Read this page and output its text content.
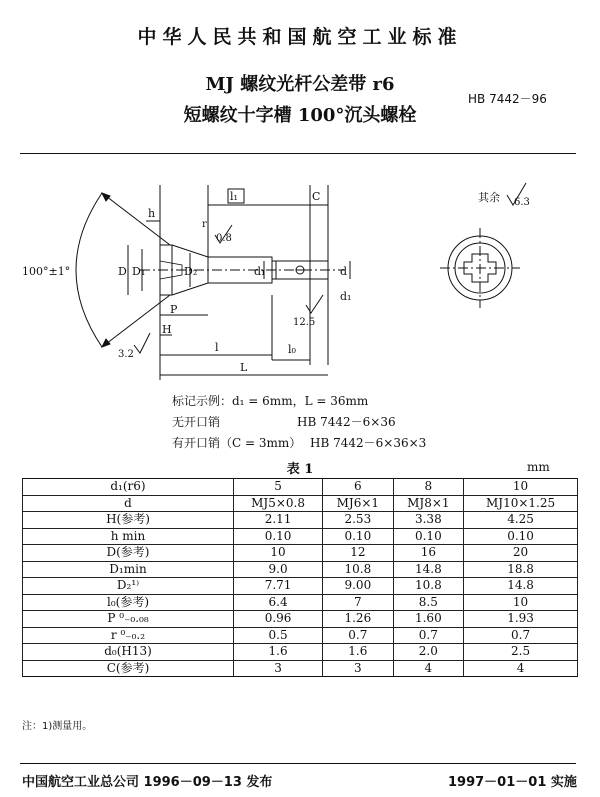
中华人民共和国航空工业标准
MJ 螺纹光杆公差带 r6
短螺纹十字槽 100°沉头螺栓
HB 7442－96
100°±1°
h
l₁	C
r
0.8
D D₁	D₂	d₁	d
d₁
P
H
12.5
l₀
3.2
l
L
其余 6.3
标记示例：d₁ = 6mm，L = 36mm
无开口销	HB 7442－6×36
有开口销（C = 3mm） HB 7442－6×36×3
表 1	mm
d₁(r6)	5	6	8	10
d	MJ5×0.8	MJ6×1	MJ8×1	MJ10×1.25
H(参考)	2.11	2.53	3.38	4.25
h min	0.10	0.10	0.10	0.10
D(参考)	10	12	16	20
D₁min	9.0	10.8	14.8	18.8
D₂¹⁾	7.71	9.00	10.8	14.8
l₀(参考)	6.4	7	8.5	10
P ⁰₋₀.₀₈	0.96	1.26	1.60	1.93
r ⁰₋₀.₂	0.5	0.7	0.7	0.7
d₀(H13)	1.6	1.6	2.0	2.5
C(参考)	3	3	4	4
注：1)测量用。
中国航空工业总公司 1996－09－13 发布	1997－01－01 实施
